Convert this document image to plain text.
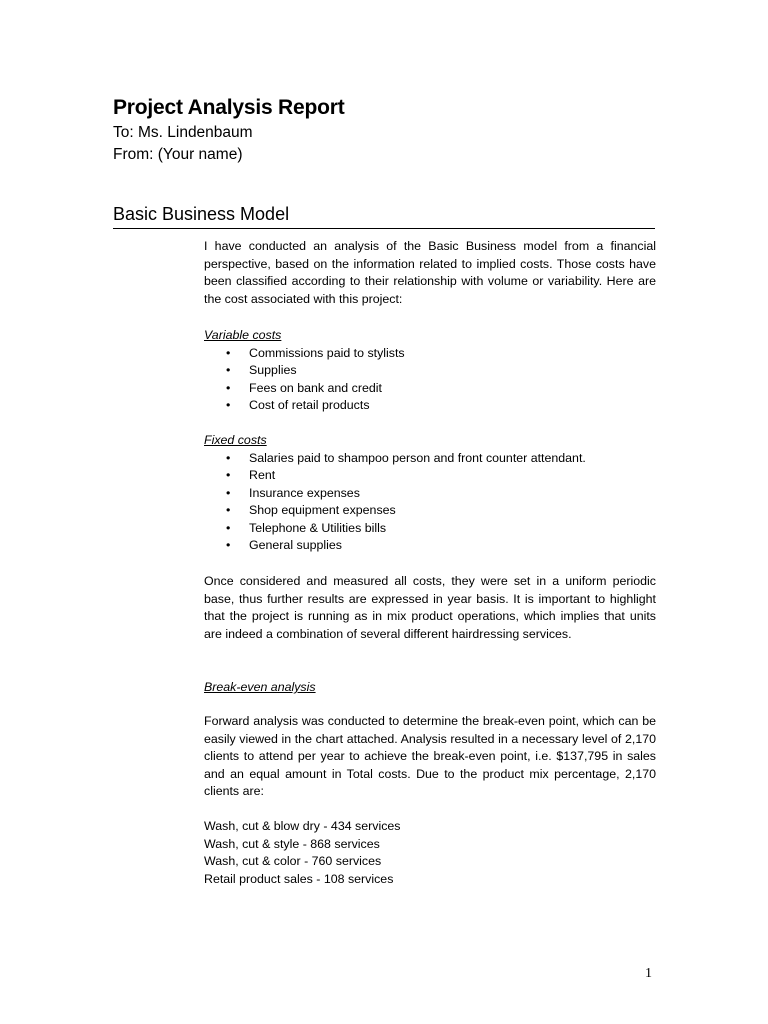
Project Analysis Report
To: Ms. Lindenbaum
From: (Your name)
Basic Business Model

I have conducted an analysis of the Basic Business model from a financial perspective, based on the information related to implied costs. Those costs have been classified according to their relationship with volume or variability. Here are the cost associated with this project:

Variable costs

• Commissions paid to stylists
• Supplies
• Fees on bank and credit
• Cost of retail products

Fixed costs

• Salaries paid to shampoo person and front counter attendant.
• Rent
• Insurance expenses
• Shop equipment expenses
• Telephone & Utilities bills
• General supplies

Once considered and measured all costs, they were set in a uniform periodic base, thus further results are expressed in year basis. It is important to highlight that the project is running as in mix product operations, which implies that units are indeed a combination of several different hairdressing services.

Break-even analysis

Forward analysis was conducted to determine the break-even point, which can be easily viewed in the chart attached. Analysis resulted in a necessary level of 2,170 clients to attend per year to achieve the break-even point, i.e. $137,795 in sales and an equal amount in Total costs. Due to the product mix percentage, 2,170 clients are:

Wash, cut & blow dry - 434 services

Wash, cut & style - 868 services

Wash, cut & color - 760 services

Retail product sales - 108 services

1
